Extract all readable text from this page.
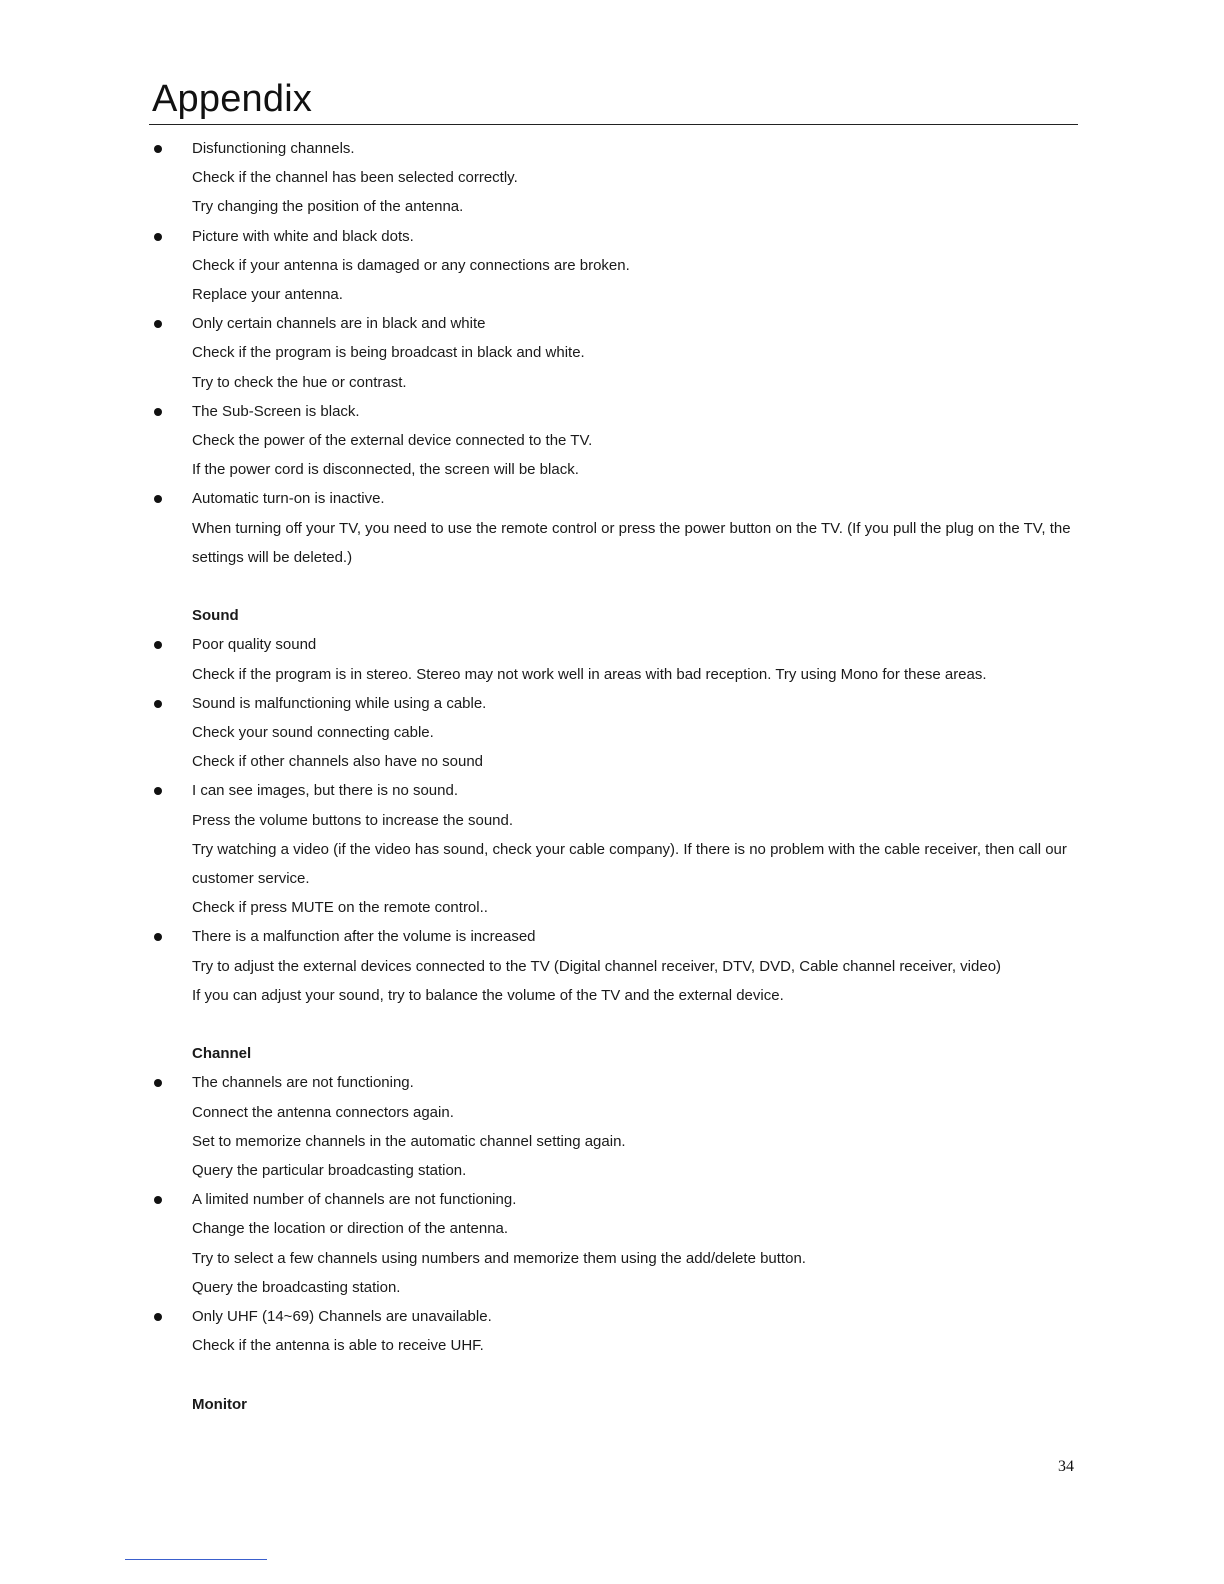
Appendix
Disfunctioning channels.
Check if the channel has been selected correctly.
Try changing the position of the antenna.
Picture with white and black dots.
Check if your antenna is damaged or any connections are broken.
Replace your antenna.
Only certain channels are in black and white
Check if the program is being broadcast in black and white.
Try to check the hue or contrast.
The Sub-Screen is black.
Check the power of the external device connected to the TV.
If the power cord is disconnected, the screen will be black.
Automatic turn-on is inactive.
When turning off your TV, you need to use the remote control or press the power button on the TV. (If you pull the plug on the TV, the settings will be deleted.)
Sound
Poor quality sound
Check if the program is in stereo. Stereo may not work well in areas with bad reception. Try using Mono for these areas.
Sound is malfunctioning while using a cable.
Check your sound connecting cable.
Check if other channels also have no sound
I can see images, but there is no sound.
Press the volume buttons to increase the sound.
Try watching a video (if the video has sound, check your cable company). If there is no problem with the cable receiver, then call our customer service.
Check if press MUTE on the remote control..
There is a malfunction after the volume is increased
Try to adjust the external devices connected to the TV (Digital channel receiver, DTV, DVD, Cable channel receiver, video)
If you can adjust your sound, try to balance the volume of the TV and the external device.
Channel
The channels are not functioning.
Connect the antenna connectors again.
Set to memorize channels in the automatic channel setting again.
Query the particular broadcasting station.
A limited number of channels are not functioning.
Change the location or direction of the antenna.
Try to select a few channels using numbers and memorize them using the add/delete button.
Query the broadcasting station.
Only UHF (14~69) Channels are unavailable.
Check if the antenna is able to receive UHF.
Monitor
34
